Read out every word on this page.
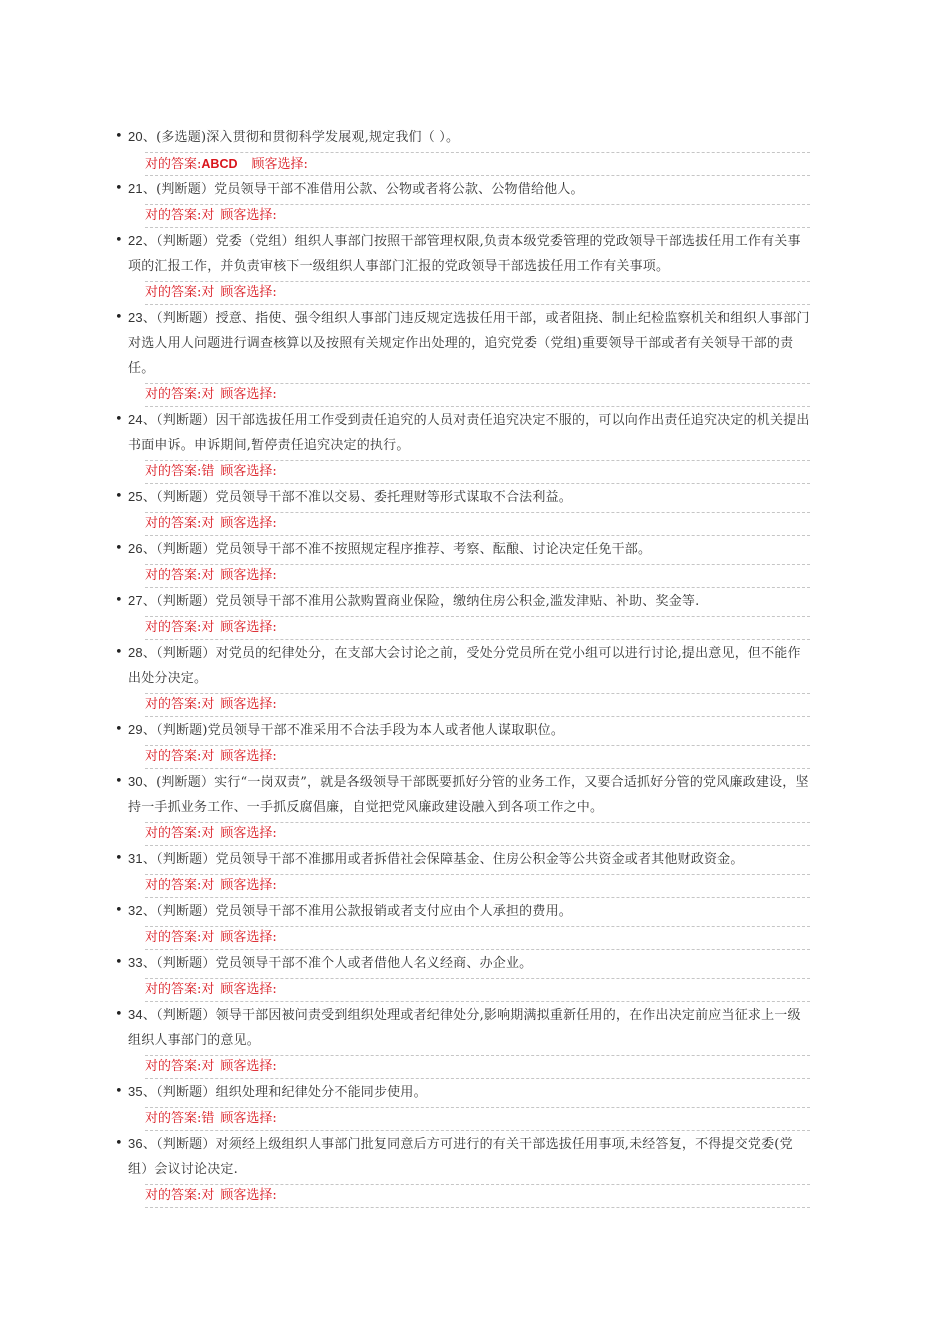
• 20、(多选题)深入贯彻和贯彻科学发展观,规定我们（ ）。
对的答案:ABCD 顾客选择:
• 21、(判断题）党员领导干部不准借用公款、公物或者将公款、公物借给他人。
对的答案:对 顾客选择:
• 22、（判断题）党委（党组）组织人事部门按照干部管理权限,负责本级党委管理的党政领导干部选拔任用工作有关事项的汇报工作，并负责审核下一级组织人事部门汇报的党政领导干部选拔任用工作有关事项。
对的答案:对 顾客选择:
• 23、（判断题）授意、指使、强令组织人事部门违反规定选拔任用干部，或者阻挠、制止纪检监察机关和组织人事部门对选人用人问题进行调查核算以及按照有关规定作出处理的，追究党委（党组)重要领导干部或者有关领导干部的责任。
对的答案:对 顾客选择:
• 24、（判断题）因干部选拔任用工作受到责任追究的人员对责任追究决定不服的，可以向作出责任追究决定的机关提出书面申诉。申诉期间,暂停责任追究决定的执行。
对的答案:错 顾客选择:
• 25、（判断题）党员领导干部不准以交易、委托理财等形式谋取不合法利益。
对的答案:对 顾客选择:
• 26、（判断题）党员领导干部不准不按照规定程序推荐、考察、酝酿、讨论决定任免干部。
对的答案:对 顾客选择:
• 27、（判断题）党员领导干部不准用公款购置商业保险，缴纳住房公积金,滥发津贴、补助、奖金等.
对的答案:对 顾客选择:
• 28、（判断题）对党员的纪律处分，在支部大会讨论之前，受处分党员所在党小组可以进行讨论,提出意见，但不能作出处分决定。
对的答案:对 顾客选择:
• 29、（判断题)党员领导干部不准采用不合法手段为本人或者他人谋取职位。
对的答案:对 顾客选择:
• 30、(判断题）实行“一岗双责”，就是各级领导干部既要抓好分管的业务工作，又要合适抓好分管的党风廉政建设，坚持一手抓业务工作、一手抓反腐倡廉，自觉把党风廉政建设融入到各项工作之中。
对的答案:对 顾客选择:
• 31、（判断题）党员领导干部不准挪用或者拆借社会保障基金、住房公积金等公共资金或者其他财政资金。
对的答案:对 顾客选择:
• 32、（判断题）党员领导干部不准用公款报销或者支付应由个人承担的费用。
对的答案:对 顾客选择:
• 33、（判断题）党员领导干部不准个人或者借他人名义经商、办企业。
对的答案:对 顾客选择:
• 34、（判断题）领导干部因被问责受到组织处理或者纪律处分,影响期满拟重新任用的，在作出决定前应当征求上一级组织人事部门的意见。
对的答案:对 顾客选择:
• 35、（判断题）组织处理和纪律处分不能同步使用。
对的答案:错 顾客选择:
• 36、（判断题）对须经上级组织人事部门批复同意后方可进行的有关干部选拔任用事项,未经答复，不得提交党委(党组）会议讨论决定.
对的答案:对 顾客选择:
